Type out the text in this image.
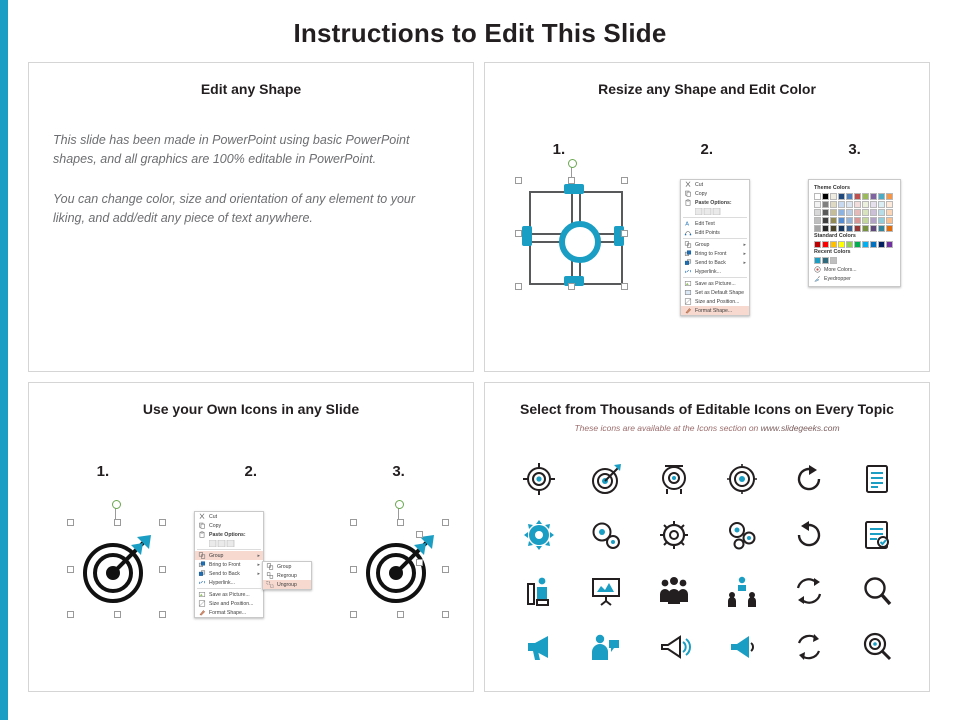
Instructions to Edit This Slide
Edit any Shape
This slide has been made in PowerPoint using basic PowerPoint shapes, and all graphics are 100% editable in PowerPoint.
You can change color, size and orientation of any element to your liking, and add/edit any piece of text anywhere.
Resize any Shape and Edit Color
1.	2.	3.
Cut
Copy
Paste Options:
A Edit Text
Edit Points
Group	▸
Bring to Front	▸
Send to Back	▸
Hyperlink...
Save as Picture...
Set as Default Shape
Size and Position...
Format Shape...
Theme Colors
Standard Colors
Recent Colors
More Colors...
Eyedropper
Use your Own Icons in any Slide
1.	2.	3.
Cut
Copy
Paste Options:
Group	▸
Bring to Front	▸
Send to Back	▸
Hyperlink...
Save as Picture...
Size and Position...
Format Shape...
Group
Regroup
Ungroup
Select from Thousands of Editable Icons on Every Topic
These icons are available at the Icons section on www.slidegeeks.com
